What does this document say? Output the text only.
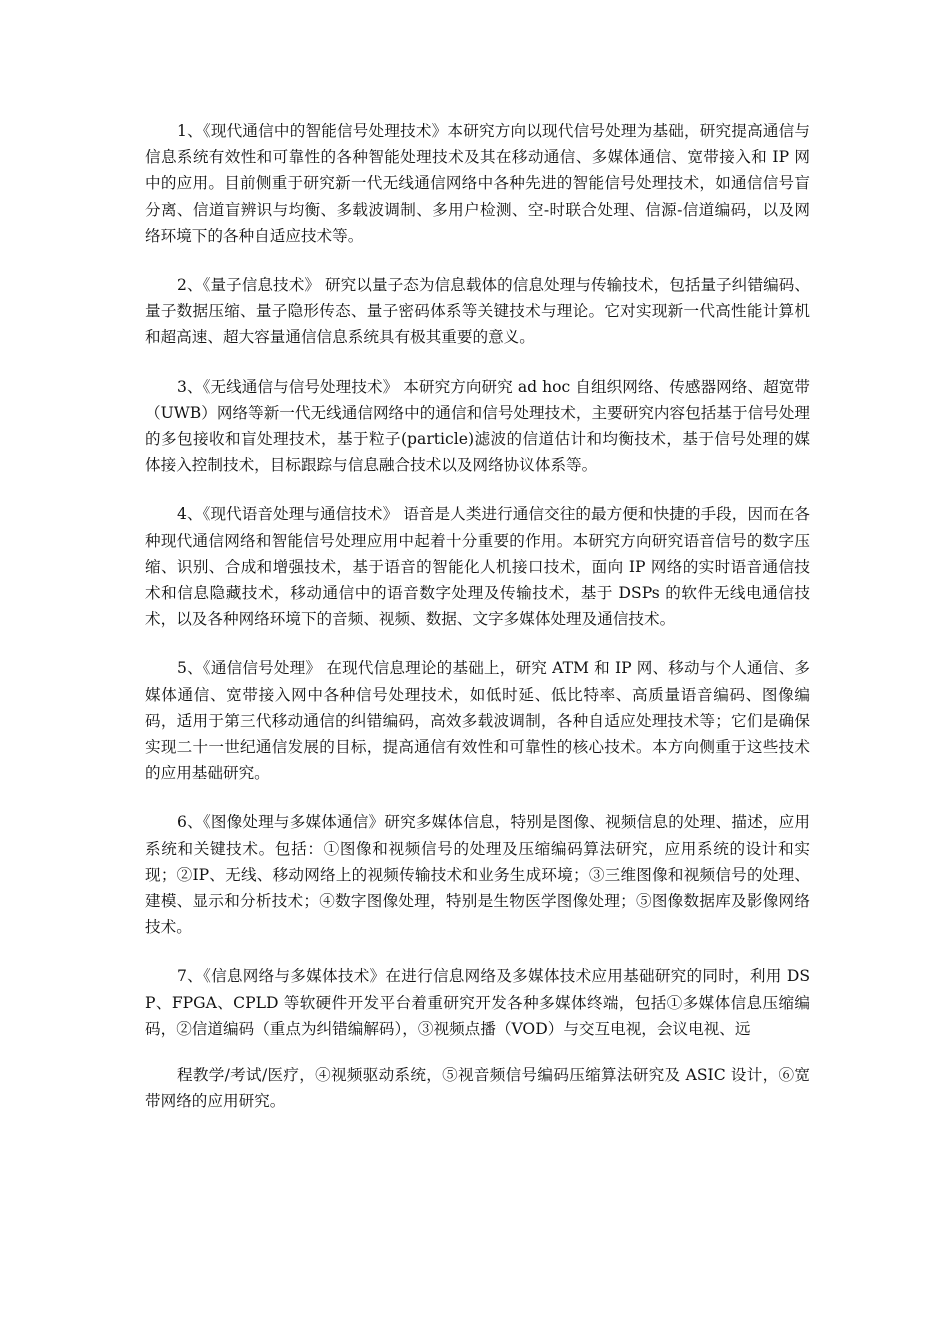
1、《现代通信中的智能信号处理技术》本研究方向以现代信号处理为基础，研究提高通信与信息系统有效性和可靠性的各种智能处理技术及其在移动通信、多媒体通信、宽带接入和 IP 网中的应用。目前侧重于研究新一代无线通信网络中各种先进的智能信号处理技术，如通信信号盲分离、信道盲辨识与均衡、多载波调制、多用户检测、空-时联合处理、信源-信道编码，以及网络环境下的各种自适应技术等。

2、《量子信息技术》 研究以量子态为信息载体的信息处理与传输技术，包括量子纠错编码、量子数据压缩、量子隐形传态、量子密码体系等关键技术与理论。它对实现新一代高性能计算机和超高速、超大容量通信信息系统具有极其重要的意义。

3、《无线通信与信号处理技术》 本研究方向研究 ad hoc 自组织网络、传感器网络、超宽带（UWB）网络等新一代无线通信网络中的通信和信号处理技术，主要研究内容包括基于信号处理的多包接收和盲处理技术，基于粒子(particle)滤波的信道估计和均衡技术，基于信号处理的媒体接入控制技术，目标跟踪与信息融合技术以及网络协议体系等。

4、《现代语音处理与通信技术》 语音是人类进行通信交往的最方便和快捷的手段，因而在各种现代通信网络和智能信号处理应用中起着十分重要的作用。本研究方向研究语音信号的数字压缩、识别、合成和增强技术，基于语音的智能化人机接口技术，面向 IP 网络的实时语音通信技术和信息隐藏技术，移动通信中的语音数字处理及传输技术，基于 DSPs 的软件无线电通信技术，以及各种网络环境下的音频、视频、数据、文字多媒体处理及通信技术。

5、《通信信号处理》 在现代信息理论的基础上，研究 ATM 和 IP 网、移动与个人通信、多媒体通信、宽带接入网中各种信号处理技术，如低时延、低比特率、高质量语音编码、图像编码，适用于第三代移动通信的纠错编码，高效多载波调制，各种自适应处理技术等；它们是确保实现二十一世纪通信发展的目标，提高通信有效性和可靠性的核心技术。本方向侧重于这些技术的应用基础研究。

6、《图像处理与多媒体通信》研究多媒体信息，特别是图像、视频信息的处理、描述，应用系统和关键技术。包括：①图像和视频信号的处理及压缩编码算法研究，应用系统的设计和实现；②IP、无线、移动网络上的视频传输技术和业务生成环境；③三维图像和视频信号的处理、建模、显示和分析技术；④数字图像处理，特别是生物医学图像处理；⑤图像数据库及影像网络技术。

7、《信息网络与多媒体技术》在进行信息网络及多媒体技术应用基础研究的同时，利用 DSP、FPGA、CPLD 等软硬件开发平台着重研究开发各种多媒体终端，包括①多媒体信息压缩编码，②信道编码（重点为纠错编解码），③视频点播（VOD）与交互电视，会议电视、远

程教学/考试/医疗，④视频驱动系统，⑤视音频信号编码压缩算法研究及 ASIC 设计，⑥宽带网络的应用研究。
